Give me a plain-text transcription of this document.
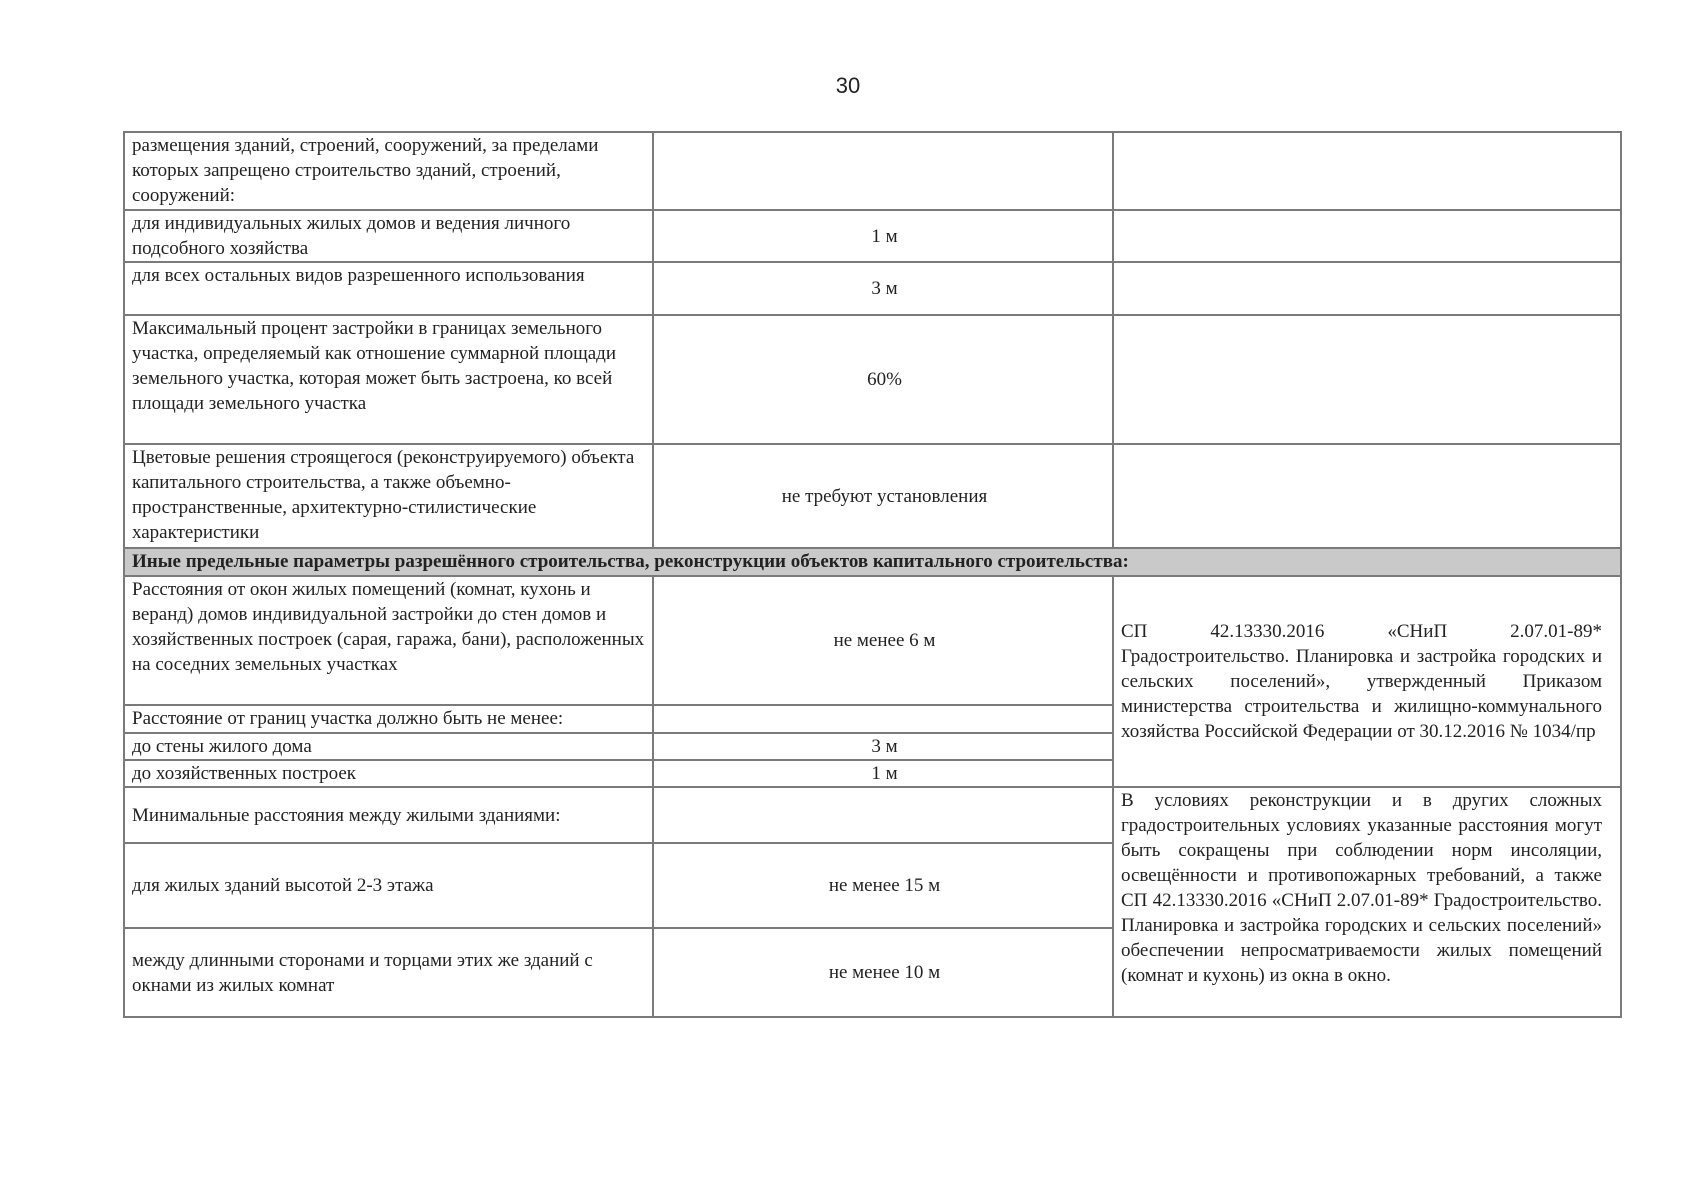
30
размещения зданий, строений, сооружений, за пределами которых запрещено строительство зданий, строений, сооружений:		
для индивидуальных жилых домов и ведения личного подсобного хозяйства	1 м	
для всех остальных видов разрешенного использования	3 м	
Максимальный процент застройки в границах земельного участка, определяемый как отношение суммарной площади земельного участка, которая может быть застроена, ко всей площади земельного участка	60%	
Цветовые решения строящегося (реконструируемого) объекта капитального строительства, а также объемно-пространственные, архитектурно-стилистические характеристики	не требуют установления	
Иные предельные параметры разрешённого строительства, реконструкции объектов капитального строительства:		
Расстояния от окон жилых помещений (комнат, кухонь и веранд) домов индивидуальной застройки до стен домов и хозяйственных построек (сарая, гаража, бани), расположенных на соседних земельных участках	не менее 6 м	СП 42.13330.2016 «СНиП 2.07.01-89*
Градостроительство. Планировка и застройка городских и сельских поселений», утвержденный Приказом министерства строительства и жилищно-коммунального хозяйства Российской Федерации от 30.12.2016 № 1034/пр
Расстояние от границ участка должно быть не менее:		
до стены жилого дома	3 м	
до хозяйственных построек	1 м	
Минимальные расстояния между жилыми зданиями:		В условиях реконструкции и в других сложных градостроительных условиях указанные расстояния могут быть сокращены при соблюдении норм инсоляции, освещённости и противопожарных требований, а также СП 42.13330.2016 «СНиП 2.07.01-89* Градостроительство. Планировка и застройка городских и сельских поселений» обеспечении непросматриваемости жилых помещений (комнат и кухонь) из окна в окно.
для жилых зданий высотой 2-3 этажа	не менее 15 м	
между длинными сторонами и торцами этих же зданий с окнами из жилых комнат	не менее 10 м	
